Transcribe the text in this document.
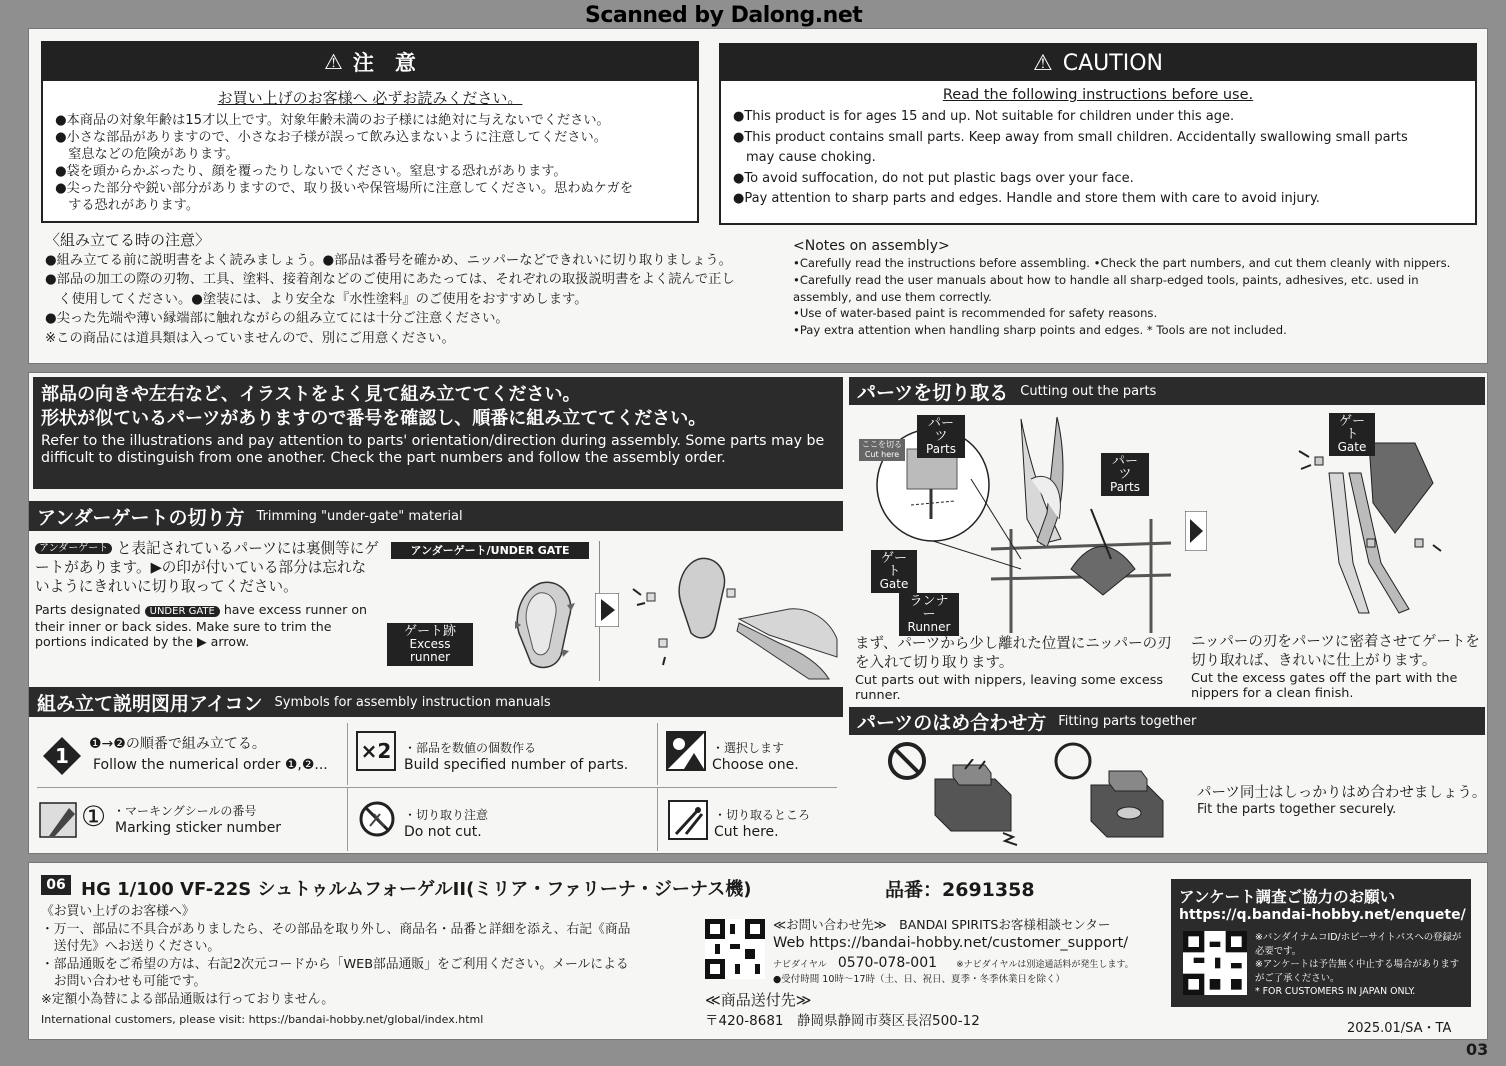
Scanned by Dalong.net
⚠ 注　意
お買い上げのお客様へ 必ずお読みください。
●本商品の対象年齢は15才以上です。対象年齢未満のお子様には絶対に与えないでください。
●小さな部品がありますので、小さなお子様が誤って飲み込まないように注意してください。
　窒息などの危険があります。
●袋を頭からかぶったり、顔を覆ったりしないでください。窒息する恐れがあります。
●尖った部分や鋭い部分がありますので、取り扱いや保管場所に注意してください。思わぬケガを
　する恐れがあります。
⚠ CAUTION
Read the following instructions before use.
●This product is for ages 15 and up. Not suitable for children under this age.
●This product contains small parts. Keep away from small children. Accidentally swallowing small parts
　may cause choking.
●To avoid suffocation, do not put plastic bags over your face.
●Pay attention to sharp parts and edges. Handle and store them with care to avoid injury.
〈組み立てる時の注意〉
●組み立てる前に説明書をよく読みましょう。●部品は番号を確かめ、ニッパーなどできれいに切り取りましょう。
●部品の加工の際の刃物、工具、塗料、接着剤などのご使用にあたっては、それぞれの取扱説明書をよく読んで正し
　く使用してください。●塗装には、より安全な『水性塗料』のご使用をおすすめします。
●尖った先端や薄い縁端部に触れながらの組み立てには十分ご注意ください。
※この商品には道具類は入っていませんので、別にご用意ください。
<Notes on assembly>
•Carefully read the instructions before assembling. •Check the part numbers, and cut them cleanly with nippers.
•Carefully read the user manuals about how to handle all sharp-edged tools, paints, adhesives, etc. used in
assembly, and use them correctly.
•Use of water-based paint is recommended for safety reasons.
•Pay extra attention when handling sharp points and edges. * Tools are not included.
部品の向きや左右など、イラストをよく見て組み立ててください。
形状が似ているパーツがありますので番号を確認し、順番に組み立ててください。
Refer to the illustrations and pay attention to parts' orientation/direction during assembly. Some parts may be difficult to distinguish from one another. Check the part numbers and follow the assembly order.
アンダーゲートの切り方 Trimming "under-gate" material
アンダーゲート と表記されているパーツには裏側等にゲートがあります。▶の印が付いている部分は忘れないようにきれいに切り取ってください。
Parts designated UNDER GATE have excess runner on their inner or back sides. Make sure to trim the portions indicated by the ▶ arrow.
アンダーゲート/UNDER GATE
ゲート跡
Excess runner
組み立て説明図用アイコン Symbols for assembly instruction manuals
1 ❶→❷の順番で組み立てる。
Follow the numerical order ❶,❷...
×2	・部品を数値の個数作る
Build specified number of parts.
・選択します
Choose one.
① ・マーキングシールの番号
Marking sticker number
・切り取り注意
Do not cut.
・切り取るところ
Cut here.
パーツを切り取る Cutting out the parts
ここを切る
Cut here
パーツ
Parts
パーツ
Parts
ゲート
Gate
ランナー
Runner
ゲート
Gate
まず、パーツから少し離れた位置にニッパーの刃を入れて切り取ります。
Cut parts out with nippers, leaving some excess runner.
ニッパーの刃をパーツに密着させてゲートを切り取れば、きれいに仕上がります。
Cut the excess gates off the part with the nippers for a clean finish.
パーツのはめ合わせ方 Fitting parts together
パーツ同士はしっかりはめ合わせましょう。
Fit the parts together securely.
06 HG 1/100 VF-22S シュトゥルムフォーゲルII(ミリア・ファリーナ・ジーナス機)	品番：2691358
《お買い上げのお客様へ》
・万一、部品に不具合がありましたら、その部品を取り外し、商品名・品番と詳細を添え、右記《商品
　送付先》へお送りください。
・部品通販をご希望の方は、右記2次元コードから「WEB部品通販」をご利用ください。メールによる
　お問い合わせも可能です。
※定額小為替による部品通販は行っておりません。
International customers, please visit: https://bandai-hobby.net/global/index.html
≪お問い合わせ先≫　BANDAI SPIRITSお客様相談センター
Web https://bandai-hobby.net/customer_support/
ナビダイヤル 0570-078-001 ※ナビダイヤルは別途通話料が発生します。
●受付時間 10時〜17時（土、日、祝日、夏季・冬季休業日を除く）
≪商品送付先≫
〒420-8681　静岡県静岡市葵区長沼500-12
アンケート調査ご協力のお願い
https://q.bandai-hobby.net/enquete/
※バンダイナムコID/ホビーサイトパスへの登録が必要です。
※アンケートは予告無く中止する場合がありますがご了承ください。
* FOR CUSTOMERS IN JAPAN ONLY.
2025.01/SA・TA
03
